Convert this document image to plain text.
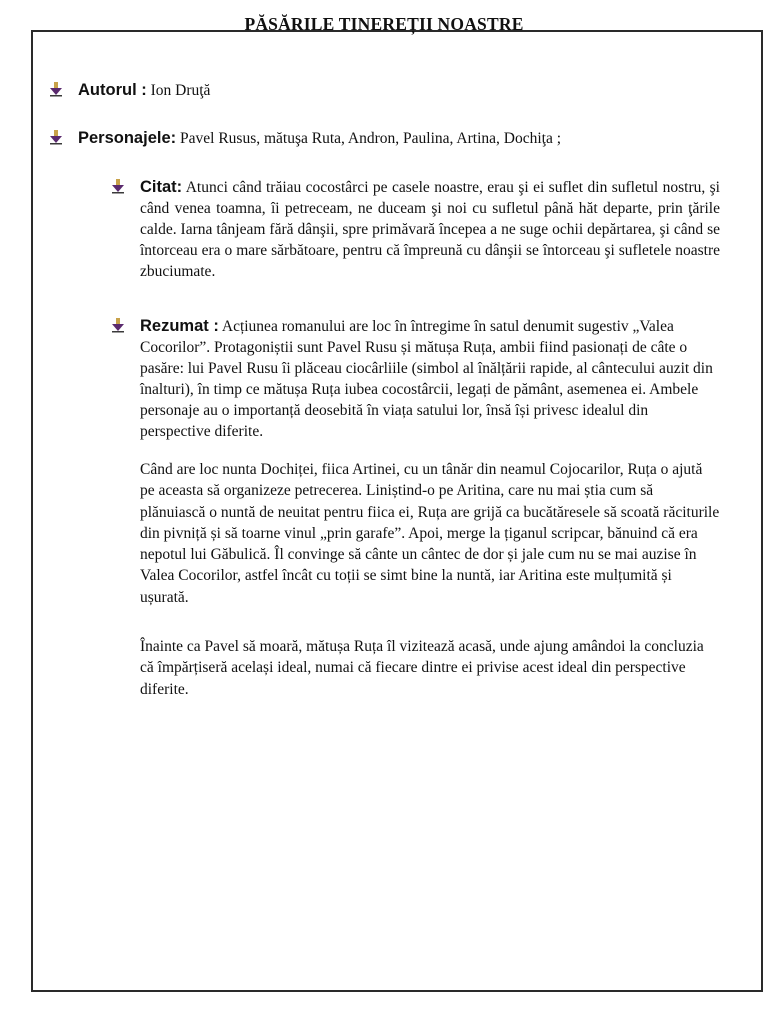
PĂSĂRILE TINEREȚII NOASTRE
Autorul : Ion Druţă
Personajele: Pavel Rusus, mătuşa Ruta, Andron, Paulina, Artina, Dochiţa ;
Citat: Atunci când trăiau cocostârci pe casele noastre, erau şi ei suflet din sufletul nostru, şi când venea toamna, îi petreceam, ne duceam şi noi cu sufletul până hăt departe, prin ţările calde. Iarna tânjeam fără dânşii, spre primăvară începea a ne suge ochii depărtarea, şi când se întorceau era o mare sărbătoare, pentru că împreună cu dânşii se întorceau şi sufletele noastre zbuciumate.
Rezumat : Acțiunea romanului are loc în întregime în satul denumit sugestiv „Valea Cocorilor”. Protagoniștii sunt Pavel Rusu și mătușa Ruța, ambii fiind pasionați de câte o pasăre: lui Pavel Rusu îi plăceau ciocârliile (simbol al înălțării rapide, al cântecului auzit din înalturi), în timp ce mătușa Ruța iubea cocostârcii, legați de pământ, asemenea ei. Ambele personaje au o importanță deosebită în viața satului lor, însă își privesc idealul din perspective diferite.
Când are loc nunta Dochiței, fiica Artinei, cu un tânăr din neamul Cojocarilor, Ruța o ajută pe aceasta să organizeze petrecerea. Liniștind-o pe Aritina, care nu mai știa cum să plănuiască o nuntă de neuitat pentru fiica ei, Ruța are grijă ca bucătăresele să scoată răciturile din pivniță și să toarne vinul „prin garafe”. Apoi, merge la țiganul scripcar, bănuind că era nepotul lui Găbulică. Îl convinge să cânte un cântec de dor și jale cum nu se mai auzise în Valea Cocorilor, astfel încât cu toții se simt bine la nuntă, iar Aritina este mulțumită și ușurată.
Înainte ca Pavel să moară, mătușa Ruța îl vizitează acasă, unde ajung amândoi la concluzia că împărțiseră același ideal, numai că fiecare dintre ei privise acest ideal din perspective diferite.
